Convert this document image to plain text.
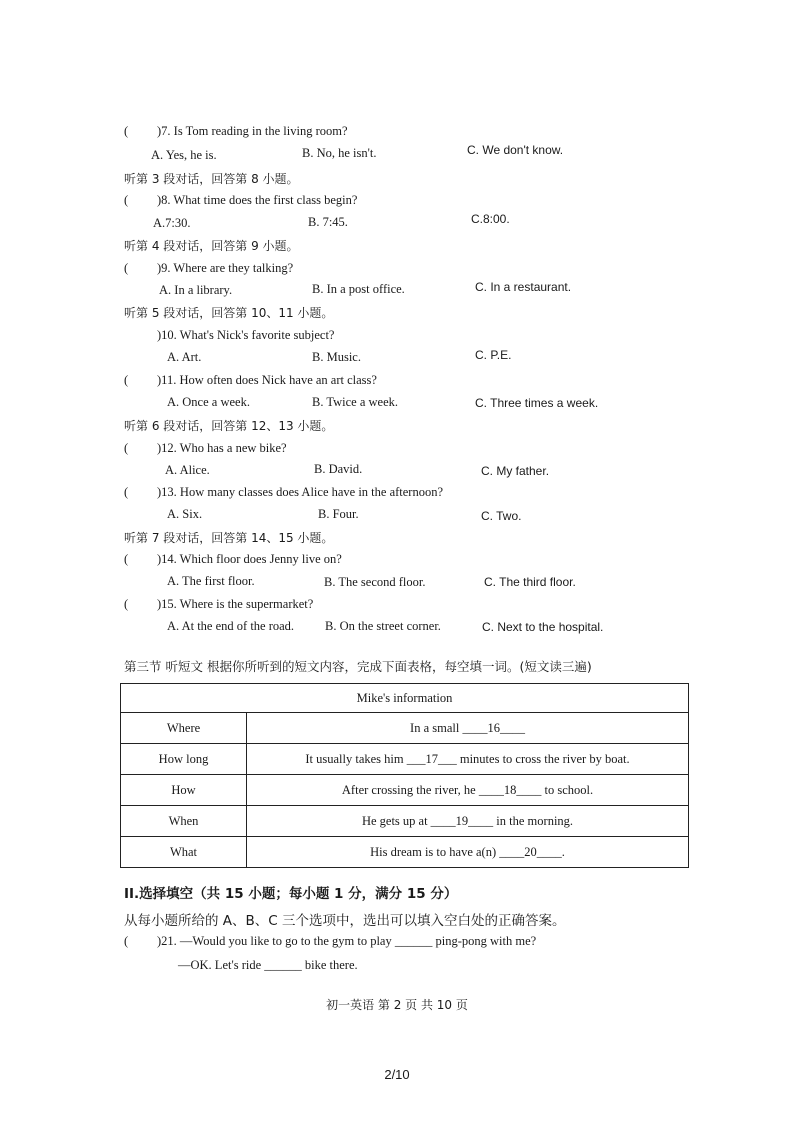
( )7. Is Tom reading in the living room?
A. Yes, he is.	B. No, he isn't.	C. We don't know.
听第 3 段对话，回答第 8 小题。
( )8. What time does the first class begin?
A.7:30.	B. 7:45.	C.8:00.
听第 4 段对话，回答第 9 小题。
( )9. Where are they talking?
A. In a library.	B. In a post office.	C. In a restaurant.
听第 5 段对话，回答第 10、11 小题。
)10. What's Nick's favorite subject?
A. Art.	B. Music.	C. P.E.
( )11. How often does Nick have an art class?
A. Once a week.	B. Twice a week.	C. Three times a week.
听第 6 段对话，回答第 12、13 小题。
( )12. Who has a new bike?
A. Alice.	B. David.	C. My father.
( )13. How many classes does Alice have in the afternoon?
A. Six.	B. Four.	C. Two.
听第 7 段对话，回答第 14、15 小题。
( )14. Which floor does Jenny live on?
A. The first floor.	B. The second floor.	C. The third floor.
( )15. Where is the supermarket?
A. At the end of the road. B. On the street corner.	C. Next to the hospital.
第三节 听短文 根据你所听到的短文内容，完成下面表格，每空填一词。(短文读三遍)
Mike's information	
Where	In a small ____16____
How long	It usually takes him ___17___ minutes to cross the river by boat.
How	After crossing the river, he ____18____ to school.
When	He gets up at ____19____ in the morning.
What	His dream is to have a(n) ____20____.
II.选择填空（共 15 小题；每小题 1 分，满分 15 分）
从每小题所给的 A、B、C 三个选项中，选出可以填入空白处的正确答案。
( )21. —Would you like to go to the gym to play ______ ping-pong with me?
—OK. Let's ride ______ bike there.
初一英语 第 2 页 共 10 页
2/10
